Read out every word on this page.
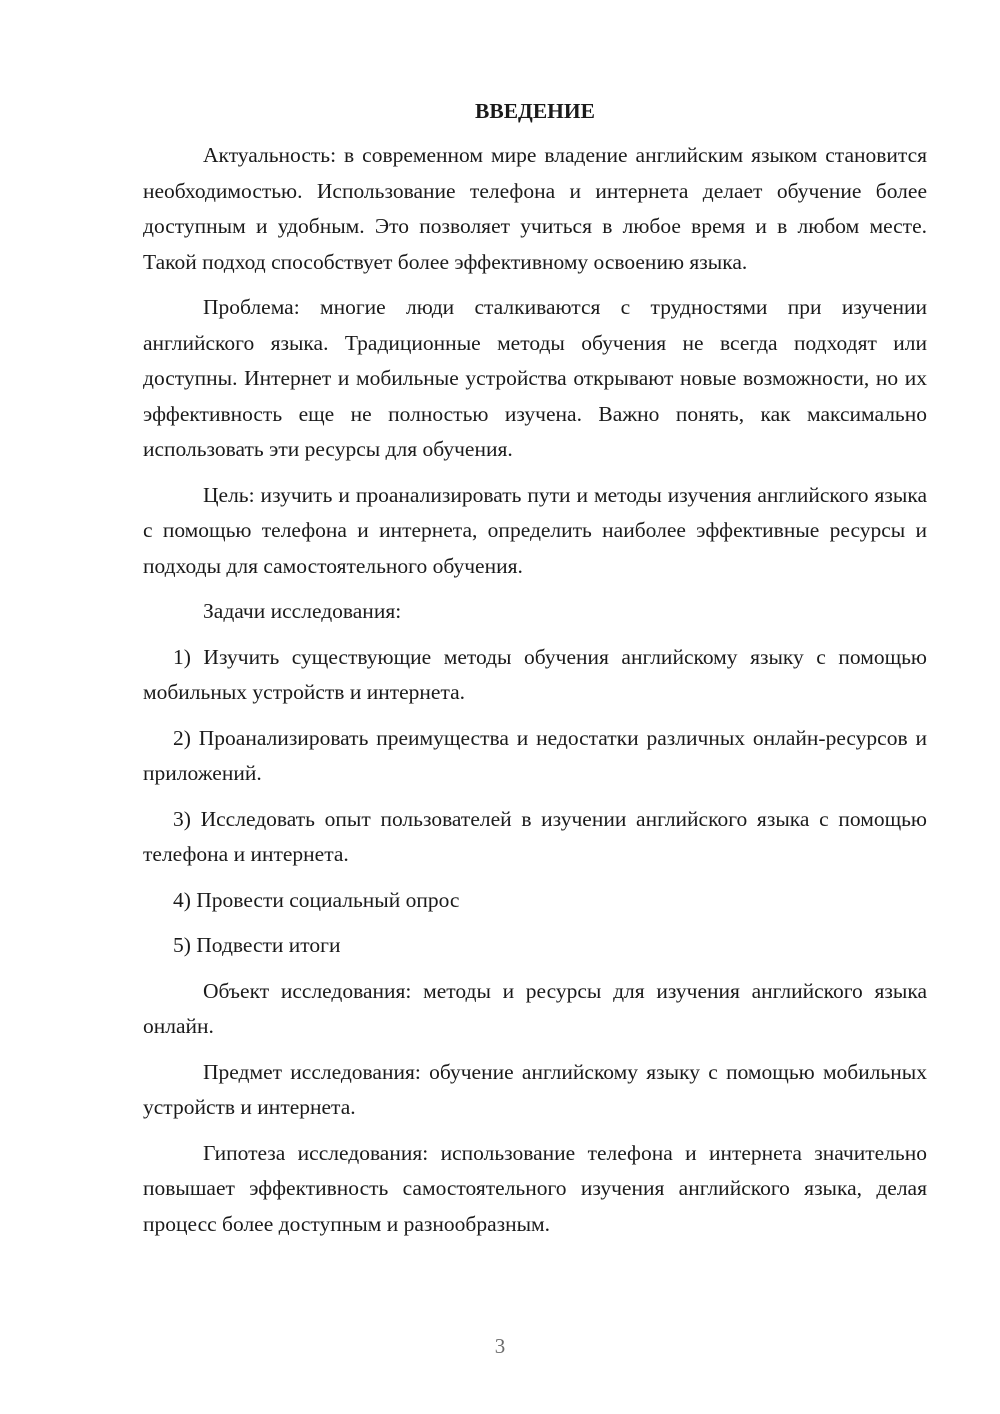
ВВЕДЕНИЕ

Актуальность: в современном мире владение английским языком становится необходимостью. Использование телефона и интернета делает обучение более доступным и удобным. Это позволяет учиться в любое время и в любом месте. Такой подход способствует более эффективному освоению языка.

Проблема: многие люди сталкиваются с трудностями при изучении английского языка. Традиционные методы обучения не всегда подходят или доступны. Интернет и мобильные устройства открывают новые возможности, но их эффективность еще не полностью изучена. Важно понять, как максимально использовать эти ресурсы для обучения.

Цель: изучить и проанализировать пути и методы изучения английского языка с помощью телефона и интернета, определить наиболее эффективные ресурсы и подходы для самостоятельного обучения.

Задачи исследования:

1) Изучить существующие методы обучения английскому языку с помощью мобильных устройств и интернета.

2) Проанализировать преимущества и недостатки различных онлайн-ресурсов и приложений.

3) Исследовать опыт пользователей в изучении английского языка с помощью телефона и интернета.

4) Провести социальный опрос

5) Подвести итоги

Объект исследования: методы и ресурсы для изучения английского языка онлайн.

Предмет исследования: обучение английскому языку с помощью мобильных устройств и интернета.

Гипотеза исследования: использование телефона и интернета значительно повышает эффективность самостоятельного изучения английского языка, делая процесс более доступным и разнообразным.

3
